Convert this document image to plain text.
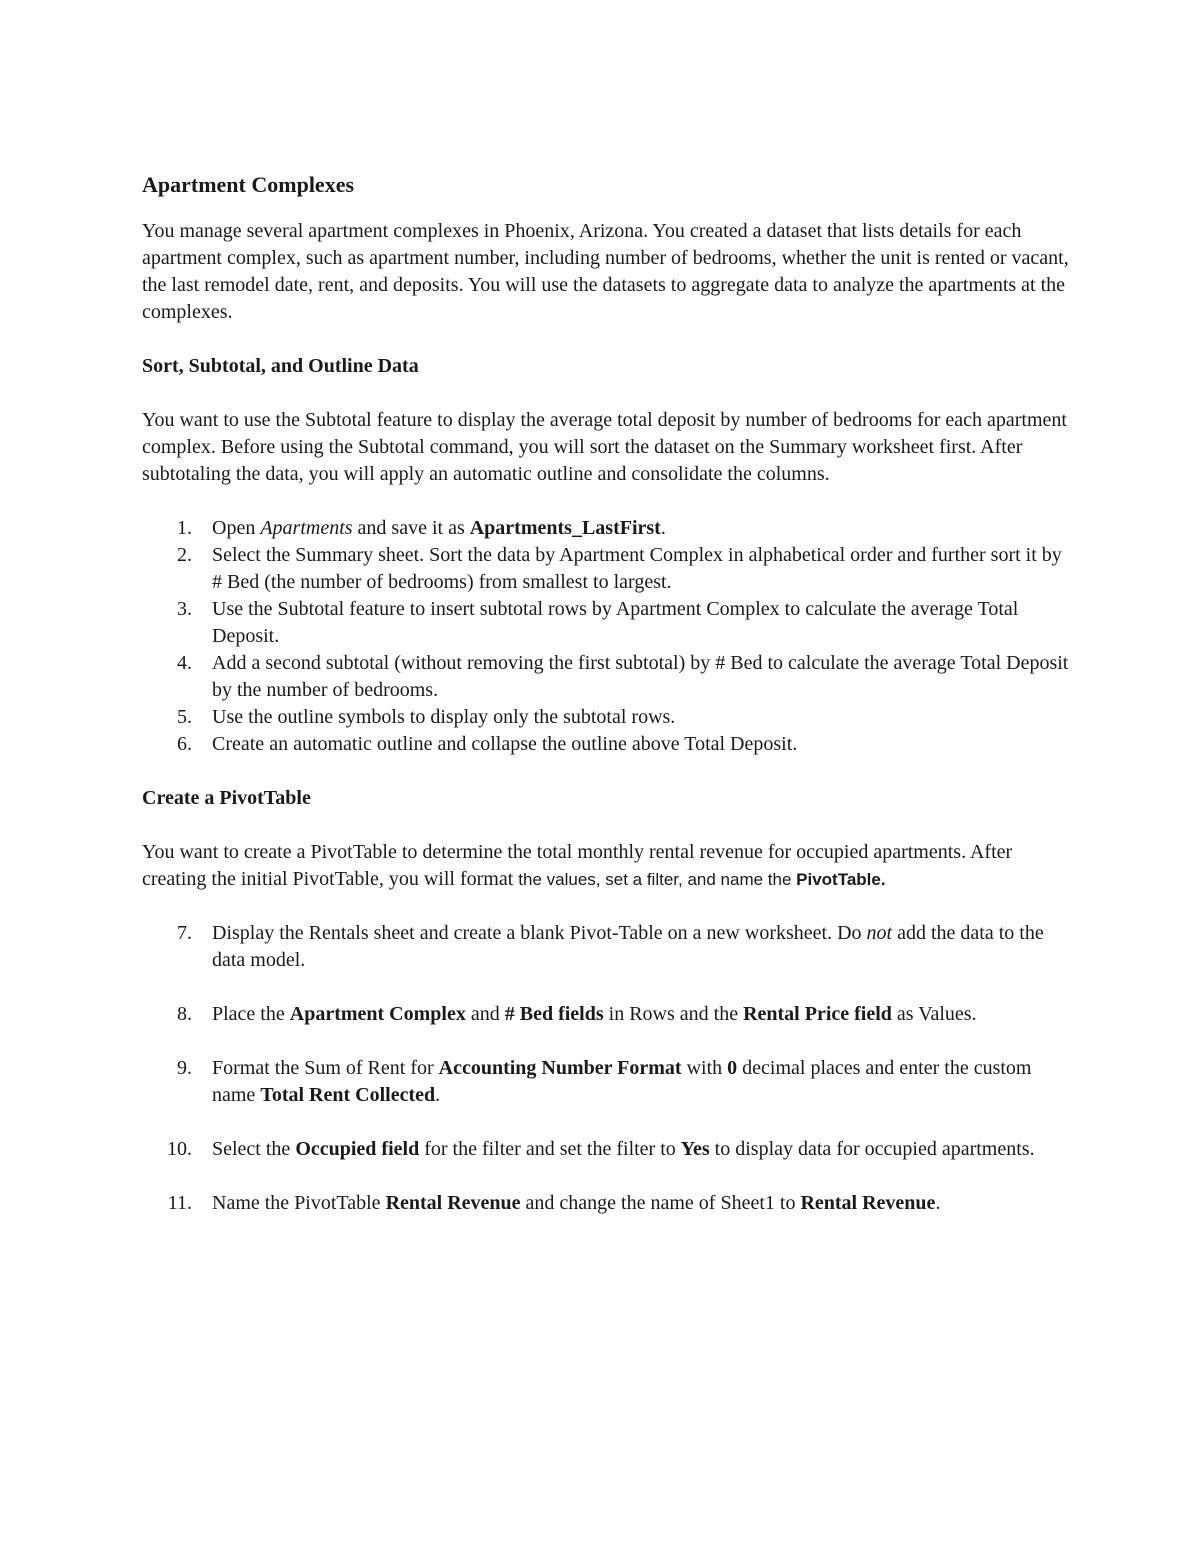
Apartment Complexes

You manage several apartment complexes in Phoenix, Arizona. You created a dataset that lists details for each apartment complex, such as apartment number, including number of bedrooms, whether the unit is rented or vacant, the last remodel date, rent, and deposits. You will use the datasets to aggregate data to analyze the apartments at the complexes.

Sort, Subtotal, and Outline Data

You want to use the Subtotal feature to display the average total deposit by number of bedrooms for each apartment complex. Before using the Subtotal command, you will sort the dataset on the Summary worksheet first. After subtotaling the data, you will apply an automatic outline and consolidate the columns.

1. Open Apartments and save it as Apartments_LastFirst.
2. Select the Summary sheet. Sort the data by Apartment Complex in alphabetical order and further sort it by # Bed (the number of bedrooms) from smallest to largest.
3. Use the Subtotal feature to insert subtotal rows by Apartment Complex to calculate the average Total Deposit.
4. Add a second subtotal (without removing the first subtotal) by # Bed to calculate the average Total Deposit by the number of bedrooms.
5. Use the outline symbols to display only the subtotal rows.
6. Create an automatic outline and collapse the outline above Total Deposit.
Create a PivotTable

You want to create a PivotTable to determine the total monthly rental revenue for occupied apartments. After creating the initial PivotTable, you will format the values, set a filter, and name the PivotTable.

7. Display the Rentals sheet and create a blank Pivot-Table on a new worksheet. Do not add the data to the data model.
8. Place the Apartment Complex and # Bed fields in Rows and the Rental Price field as Values.
9. Format the Sum of Rent for Accounting Number Format with 0 decimal places and enter the custom name Total Rent Collected.
10. Select the Occupied field for the filter and set the filter to Yes to display data for occupied apartments.
11. Name the PivotTable Rental Revenue and change the name of Sheet1 to Rental Revenue.
